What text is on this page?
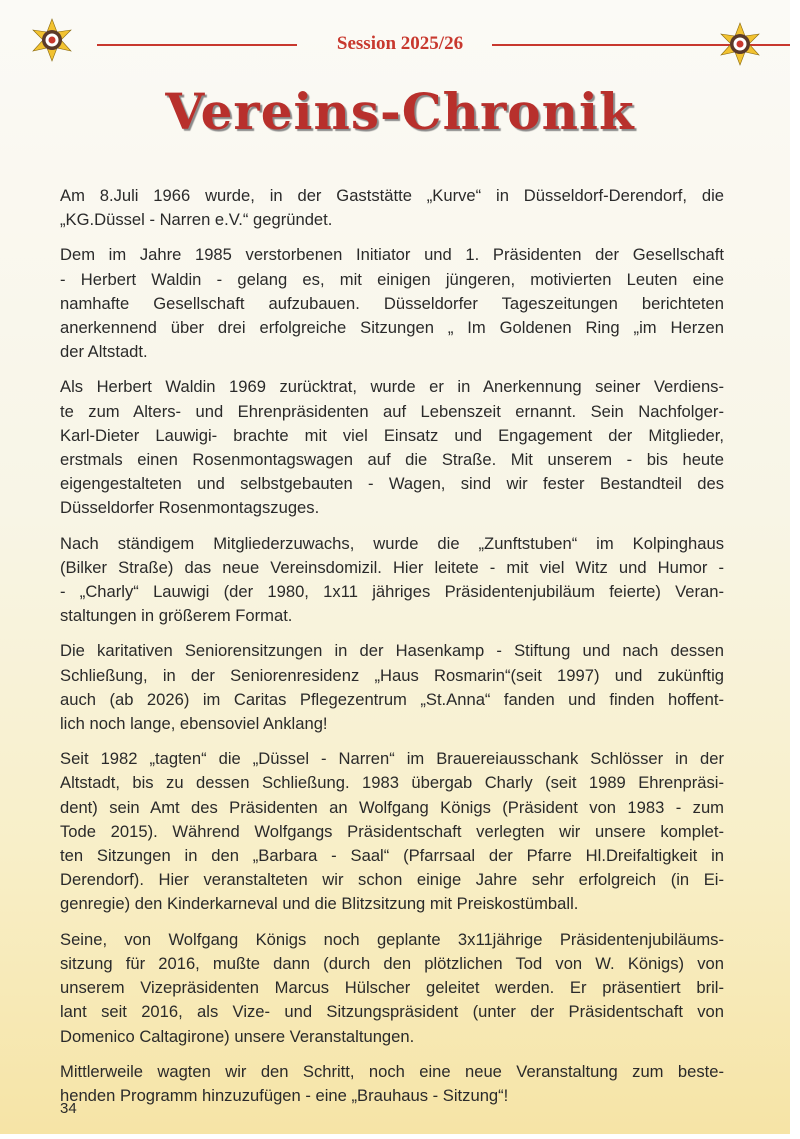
Session 2025/26
Vereins-Chronik
Am 8.Juli 1966 wurde, in der Gaststätte „Kurve“ in Düsseldorf-Derendorf, die
„KG.Düssel - Narren e.V.“ gegründet.
Dem im Jahre 1985 verstorbenen Initiator und 1. Präsidenten der Gesellschaft
- Herbert Waldin - gelang es, mit einigen jüngeren, motivierten Leuten eine
namhafte Gesellschaft aufzubauen. Düsseldorfer Tageszeitungen berichteten
anerkennend über drei erfolgreiche Sitzungen „ Im Goldenen Ring „im Herzen
der Altstadt.
Als Herbert Waldin 1969 zurücktrat, wurde er in Anerkennung seiner Verdiens-
te zum Alters- und Ehrenpräsidenten auf Lebenszeit ernannt. Sein Nachfolger-
Karl-Dieter Lauwigi- brachte mit viel Einsatz und Engagement der Mitglieder,
erstmals einen Rosenmontagswagen auf die Straße. Mit unserem - bis heute
eigengestalteten und selbstgebauten - Wagen, sind wir fester Bestandteil des
Düsseldorfer Rosenmontagszuges.
Nach ständigem Mitgliederzuwachs, wurde die „Zunftstuben“ im Kolpinghaus
(Bilker Straße) das neue Vereinsdomizil. Hier leitete - mit viel Witz und Humor -
- „Charly“ Lauwigi (der 1980, 1x11 jähriges Präsidentenjubiläum feierte) Veran-
staltungen in größerem Format.
Die karitativen Seniorensitzungen in der Hasenkamp - Stiftung und nach dessen
Schließung, in der Seniorenresidenz „Haus Rosmarin“(seit 1997) und zukünftig
auch (ab 2026) im Caritas Pflegezentrum „St.Anna“ fanden und finden hoffent-
lich noch lange, ebensoviel Anklang!
Seit 1982 „tagten“ die „Düssel - Narren“ im Brauereiausschank Schlösser in der
Altstadt, bis zu dessen Schließung. 1983 übergab Charly (seit 1989 Ehrenpräsi-
dent) sein Amt des Präsidenten an Wolfgang Königs (Präsident von 1983 - zum
Tode 2015). Während Wolfgangs Präsidentschaft verlegten wir unsere komplet-
ten Sitzungen in den „Barbara - Saal“ (Pfarrsaal der Pfarre Hl.Dreifaltigkeit in
Derendorf). Hier veranstalteten wir schon einige Jahre sehr erfolgreich (in Ei-
genregie) den Kinderkarneval und die Blitzsitzung mit Preiskostümball.
Seine, von Wolfgang Königs noch geplante 3x11jährige Präsidentenjubiläums-
sitzung für 2016, mußte dann (durch den plötzlichen Tod von W. Königs) von
unserem Vizepräsidenten Marcus Hülscher geleitet werden. Er präsentiert bril-
lant seit 2016, als Vize- und Sitzungspräsident (unter der Präsidentschaft von
Domenico Caltagirone) unsere Veranstaltungen.
Mittlerweile wagten wir den Schritt, noch eine neue Veranstaltung zum beste-
henden Programm hinzuzufügen - eine „Brauhaus - Sitzung“!
34
